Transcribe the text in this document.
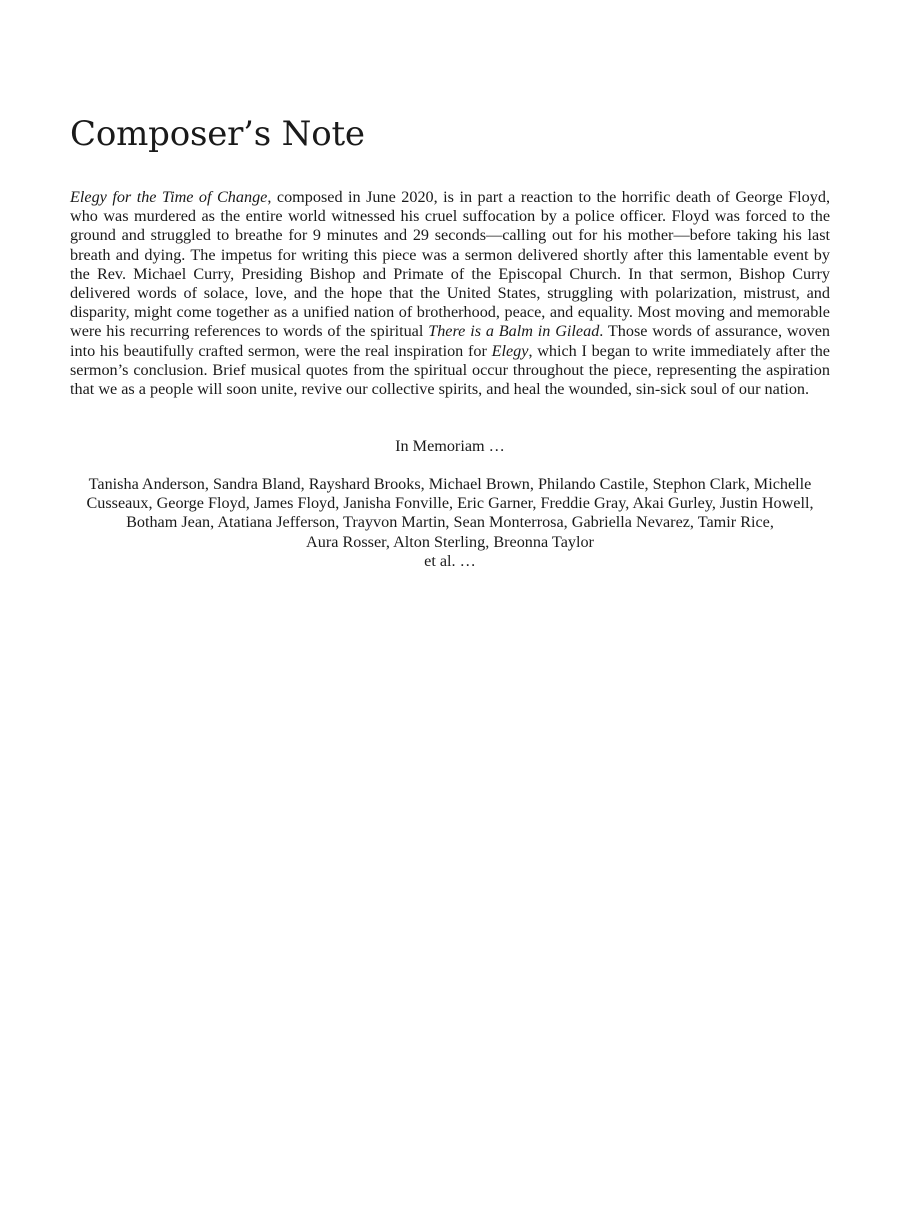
Composer’s Note

Elegy for the Time of Change, composed in June 2020, is in part a reaction to the horrific death of George Floyd, who was murdered as the entire world witnessed his cruel suffocation by a police officer. Floyd was forced to the ground and struggled to breathe for 9 minutes and 29 seconds—calling out for his mother—before taking his last breath and dying. The impetus for writing this piece was a sermon delivered shortly after this lamentable event by the Rev. Michael Curry, Presiding Bishop and Primate of the Episcopal Church. In that sermon, Bishop Curry delivered words of solace, love, and the hope that the United States, struggling with polarization, mistrust, and disparity, might come together as a unified nation of brotherhood, peace, and equality. Most moving and memorable were his recurring references to words of the spiritual There is a Balm in Gilead. Those words of assurance, woven into his beautifully crafted sermon, were the real inspiration for Elegy, which I began to write immediately after the sermon’s conclusion. Brief musical quotes from the spiritual occur throughout the piece, representing the aspiration that we as a people will soon unite, revive our collective spirits, and heal the wounded, sin-sick soul of our nation.

In Memoriam …

Tanisha Anderson, Sandra Bland, Rayshard Brooks, Michael Brown, Philando Castile, Stephon Clark, Michelle
Cusseaux, George Floyd, James Floyd, Janisha Fonville, Eric Garner, Freddie Gray, Akai Gurley, Justin Howell,
Botham Jean, Atatiana Jefferson, Trayvon Martin, Sean Monterrosa, Gabriella Nevarez, Tamir Rice,
Aura Rosser, Alton Sterling, Breonna Taylor
et al. …
